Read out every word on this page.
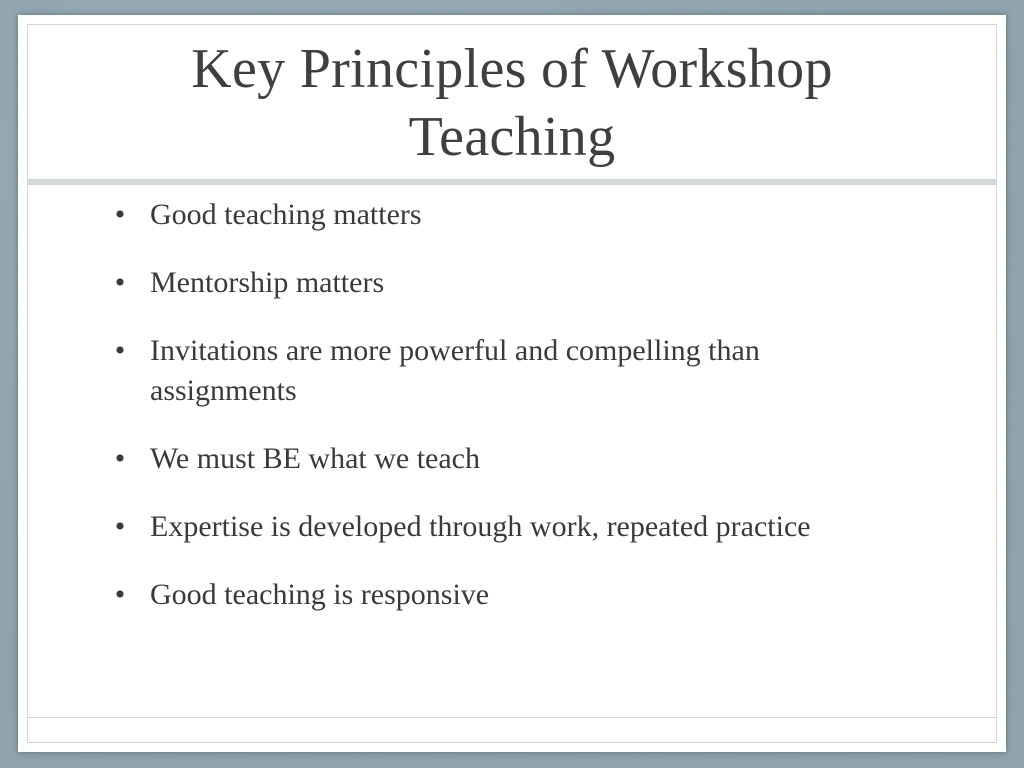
Key Principles of Workshop Teaching
• Good teaching matters
• Mentorship matters
• Invitations are more powerful and compelling than assignments
• We must BE what we teach
• Expertise is developed through work, repeated practice
• Good teaching is responsive
